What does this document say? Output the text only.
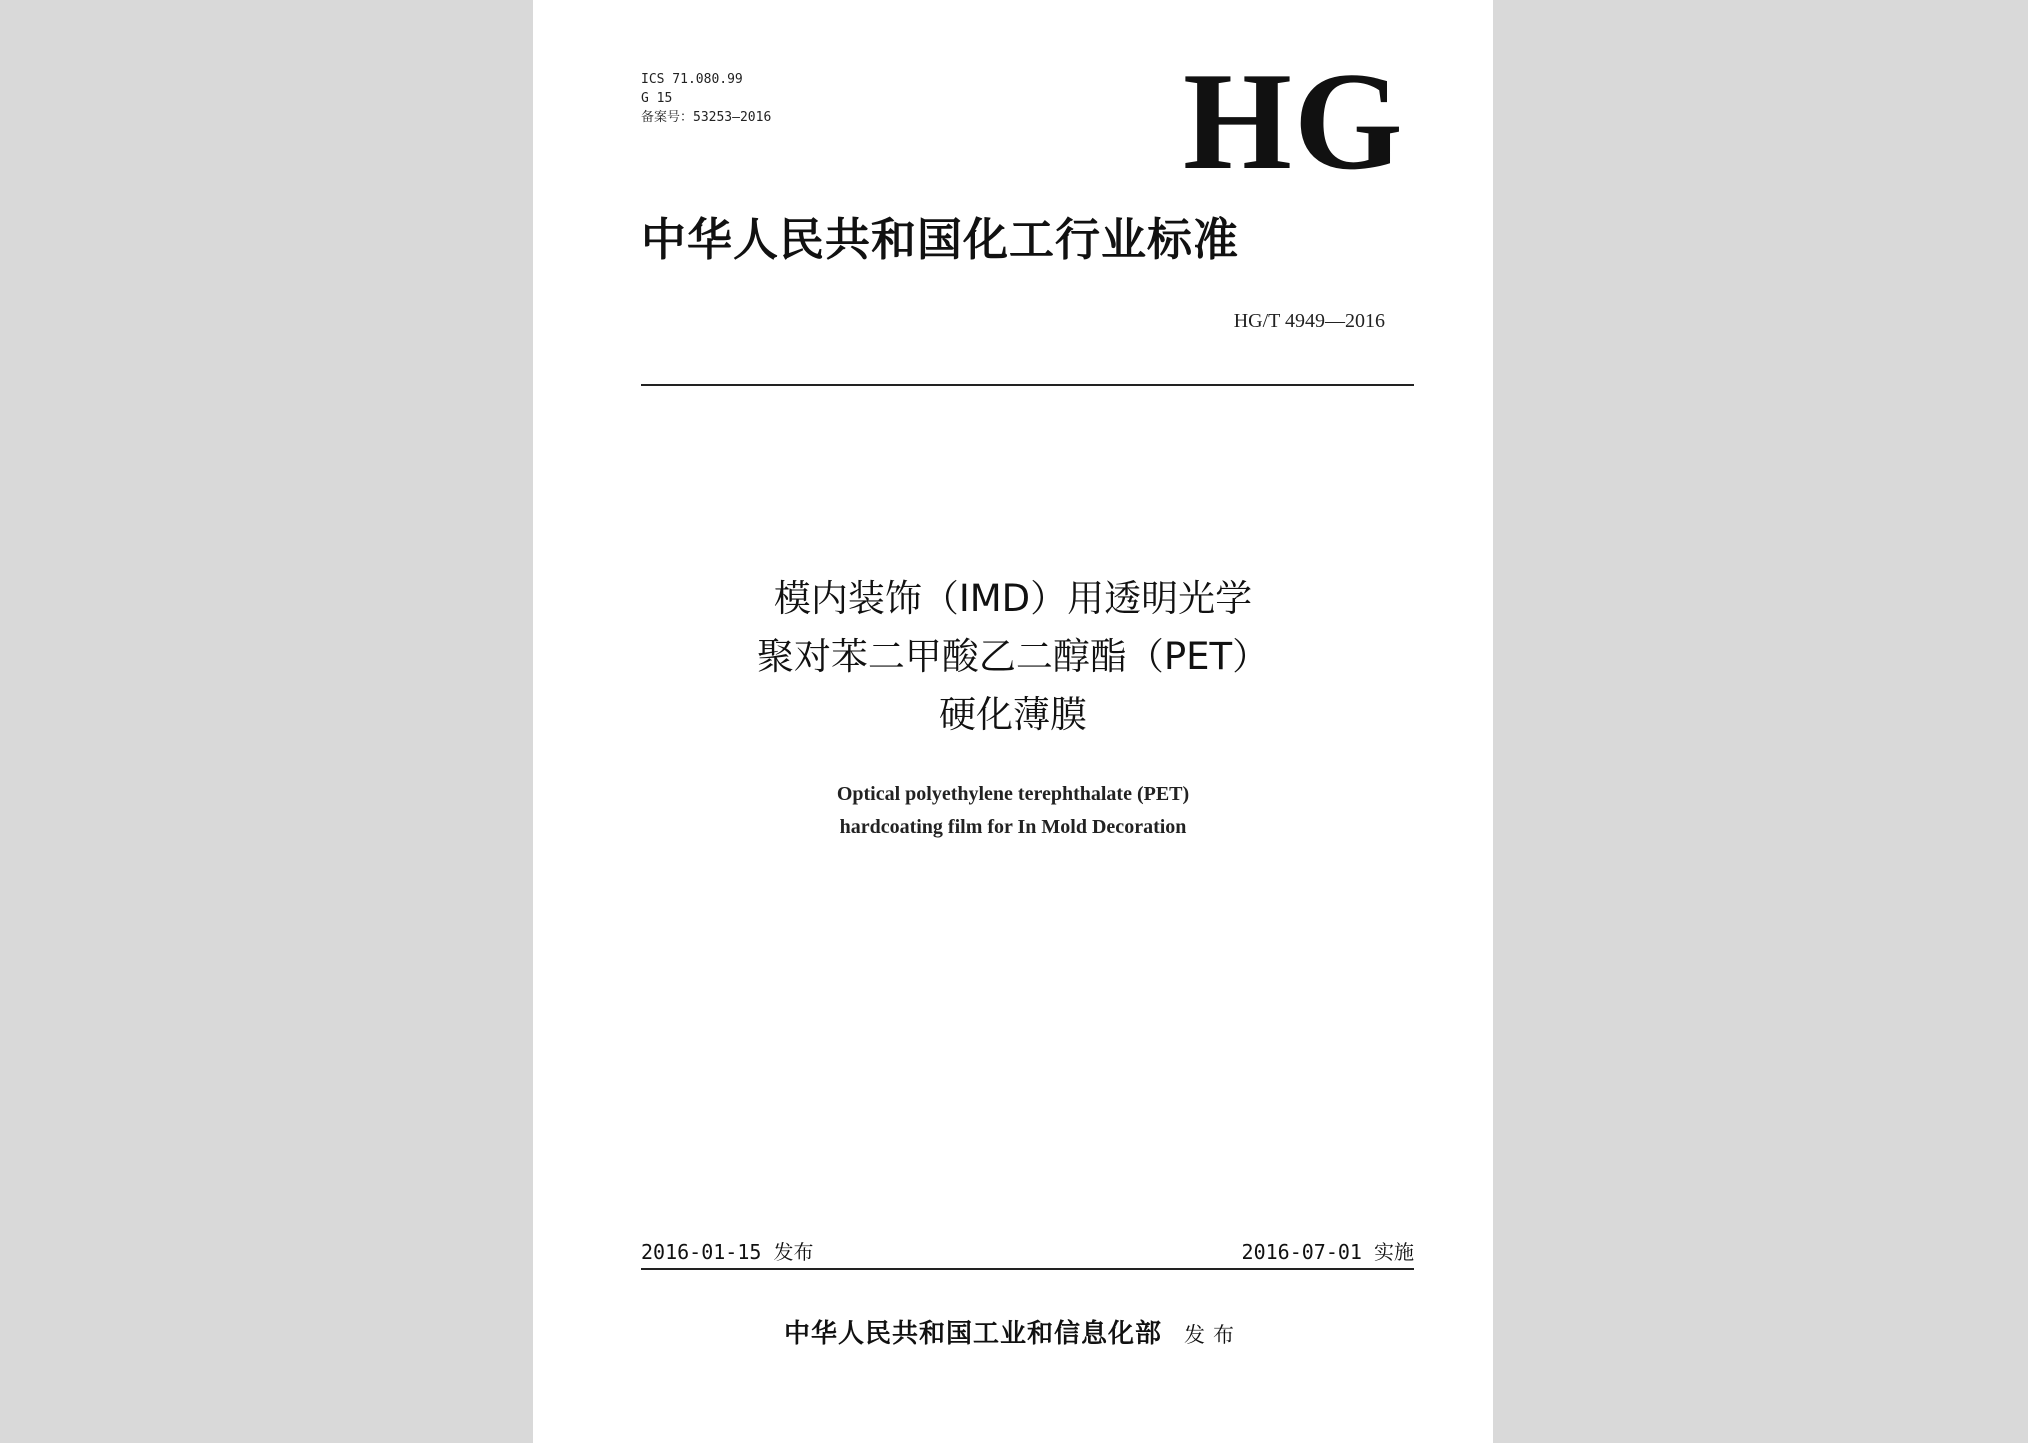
ICS 71.080.99
G 15
备案号：53253—2016	HG
中华人民共和国化工行业标准
HG/T 4949—2016
模内装饰（IMD）用透明光学
聚对苯二甲酸乙二醇酯（PET）
硬化薄膜
Optical polyethylene terephthalate (PET)
hardcoating film for In Mold Decoration
2016-01-15 发布	2016-07-01 实施
中华人民共和国工业和信息化部 发布
